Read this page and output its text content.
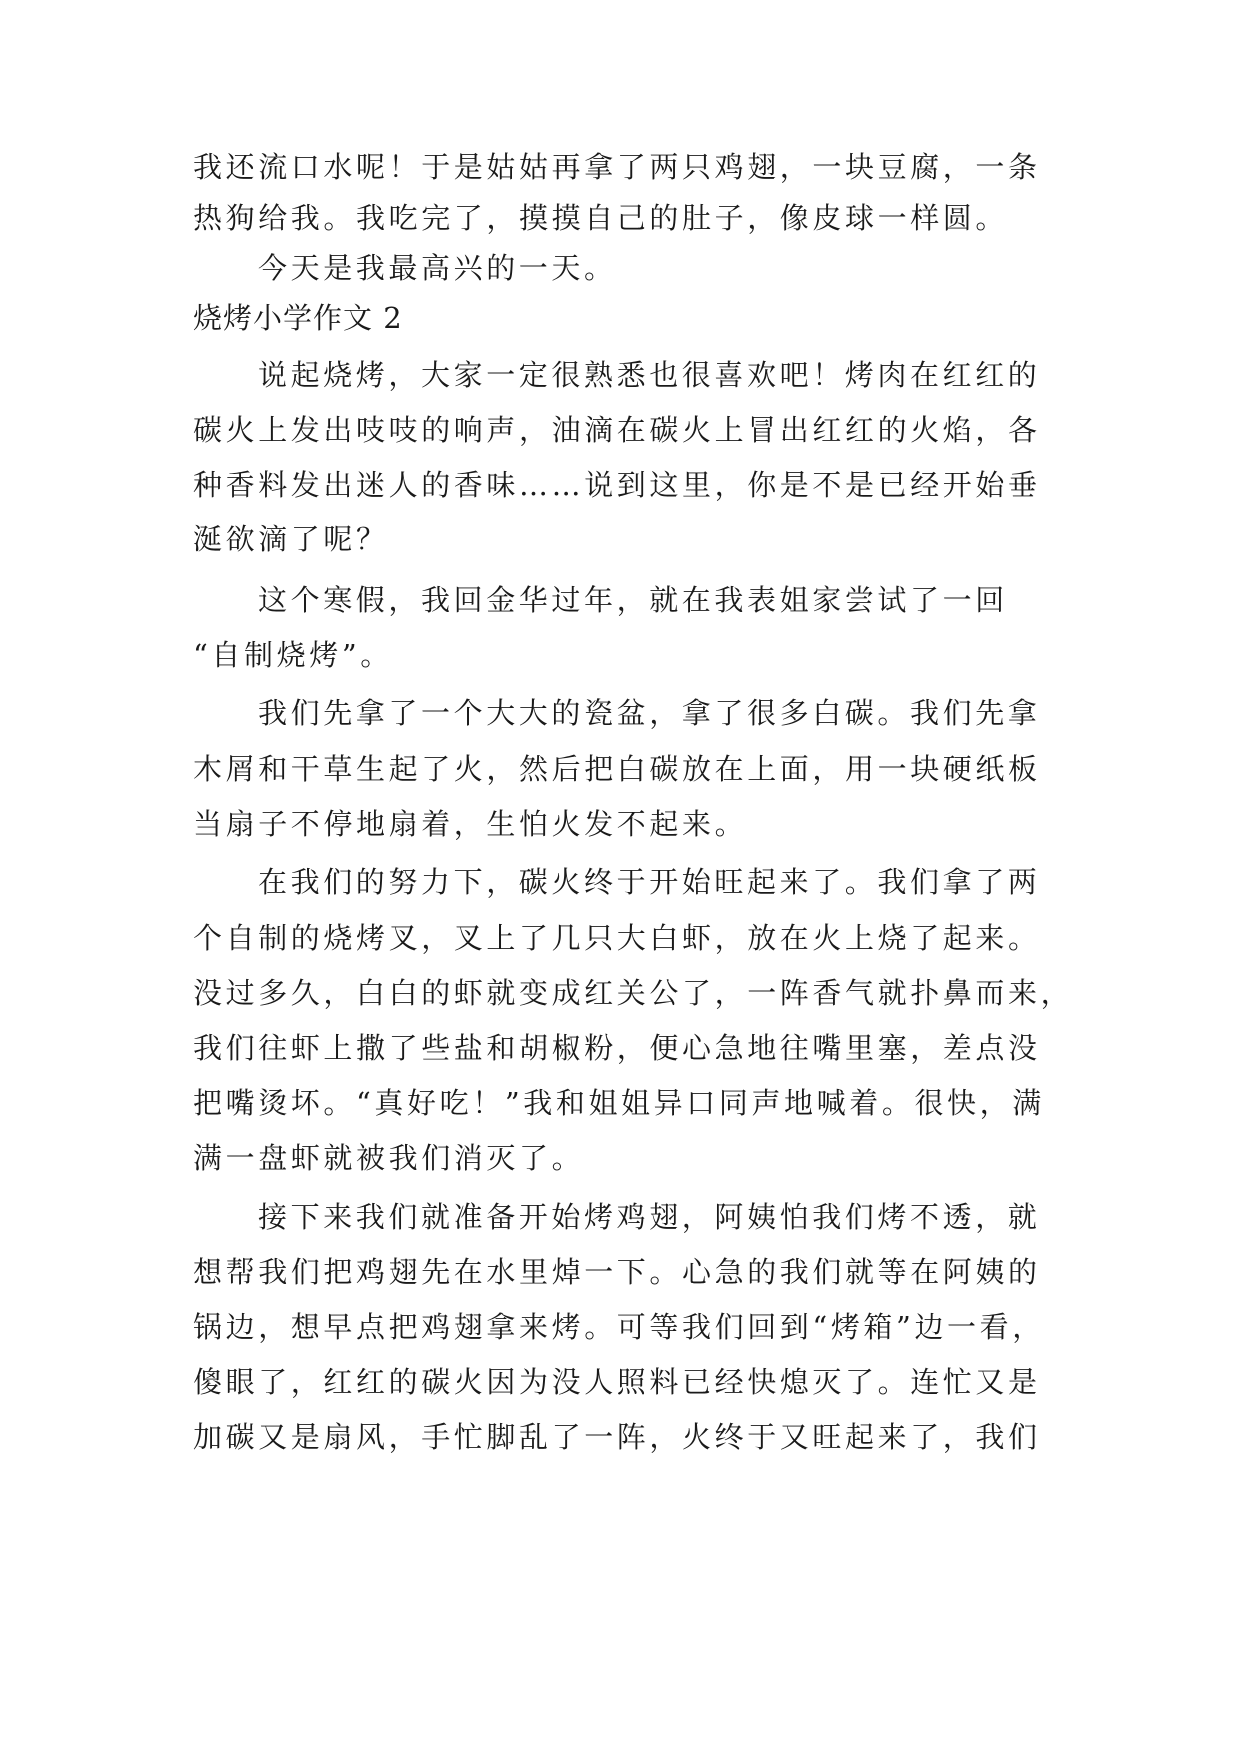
我还流口水呢！于是姑姑再拿了两只鸡翅，一块豆腐，一条
热狗给我。我吃完了，摸摸自己的肚子，像皮球一样圆。
今天是我最高兴的一天。
烧烤小学作文 2
说起烧烤，大家一定很熟悉也很喜欢吧！烤肉在红红的
碳火上发出吱吱的响声，油滴在碳火上冒出红红的火焰，各
种香料发出迷人的香味……说到这里，你是不是已经开始垂
涎欲滴了呢？
这个寒假，我回金华过年，就在我表姐家尝试了一回
“自制烧烤”。
我们先拿了一个大大的瓷盆，拿了很多白碳。我们先拿
木屑和干草生起了火，然后把白碳放在上面，用一块硬纸板
当扇子不停地扇着，生怕火发不起来。
在我们的努力下，碳火终于开始旺起来了。我们拿了两
个自制的烧烤叉，叉上了几只大白虾，放在火上烧了起来。
没过多久，白白的虾就变成红关公了，一阵香气就扑鼻而来，
我们往虾上撒了些盐和胡椒粉，便心急地往嘴里塞，差点没
把嘴烫坏。“真好吃！”我和姐姐异口同声地喊着。很快，满
满一盘虾就被我们消灭了。
接下来我们就准备开始烤鸡翅，阿姨怕我们烤不透，就
想帮我们把鸡翅先在水里焯一下。心急的我们就等在阿姨的
锅边，想早点把鸡翅拿来烤。可等我们回到“烤箱”边一看，
傻眼了，红红的碳火因为没人照料已经快熄灭了。连忙又是
加碳又是扇风，手忙脚乱了一阵，火终于又旺起来了，我们
